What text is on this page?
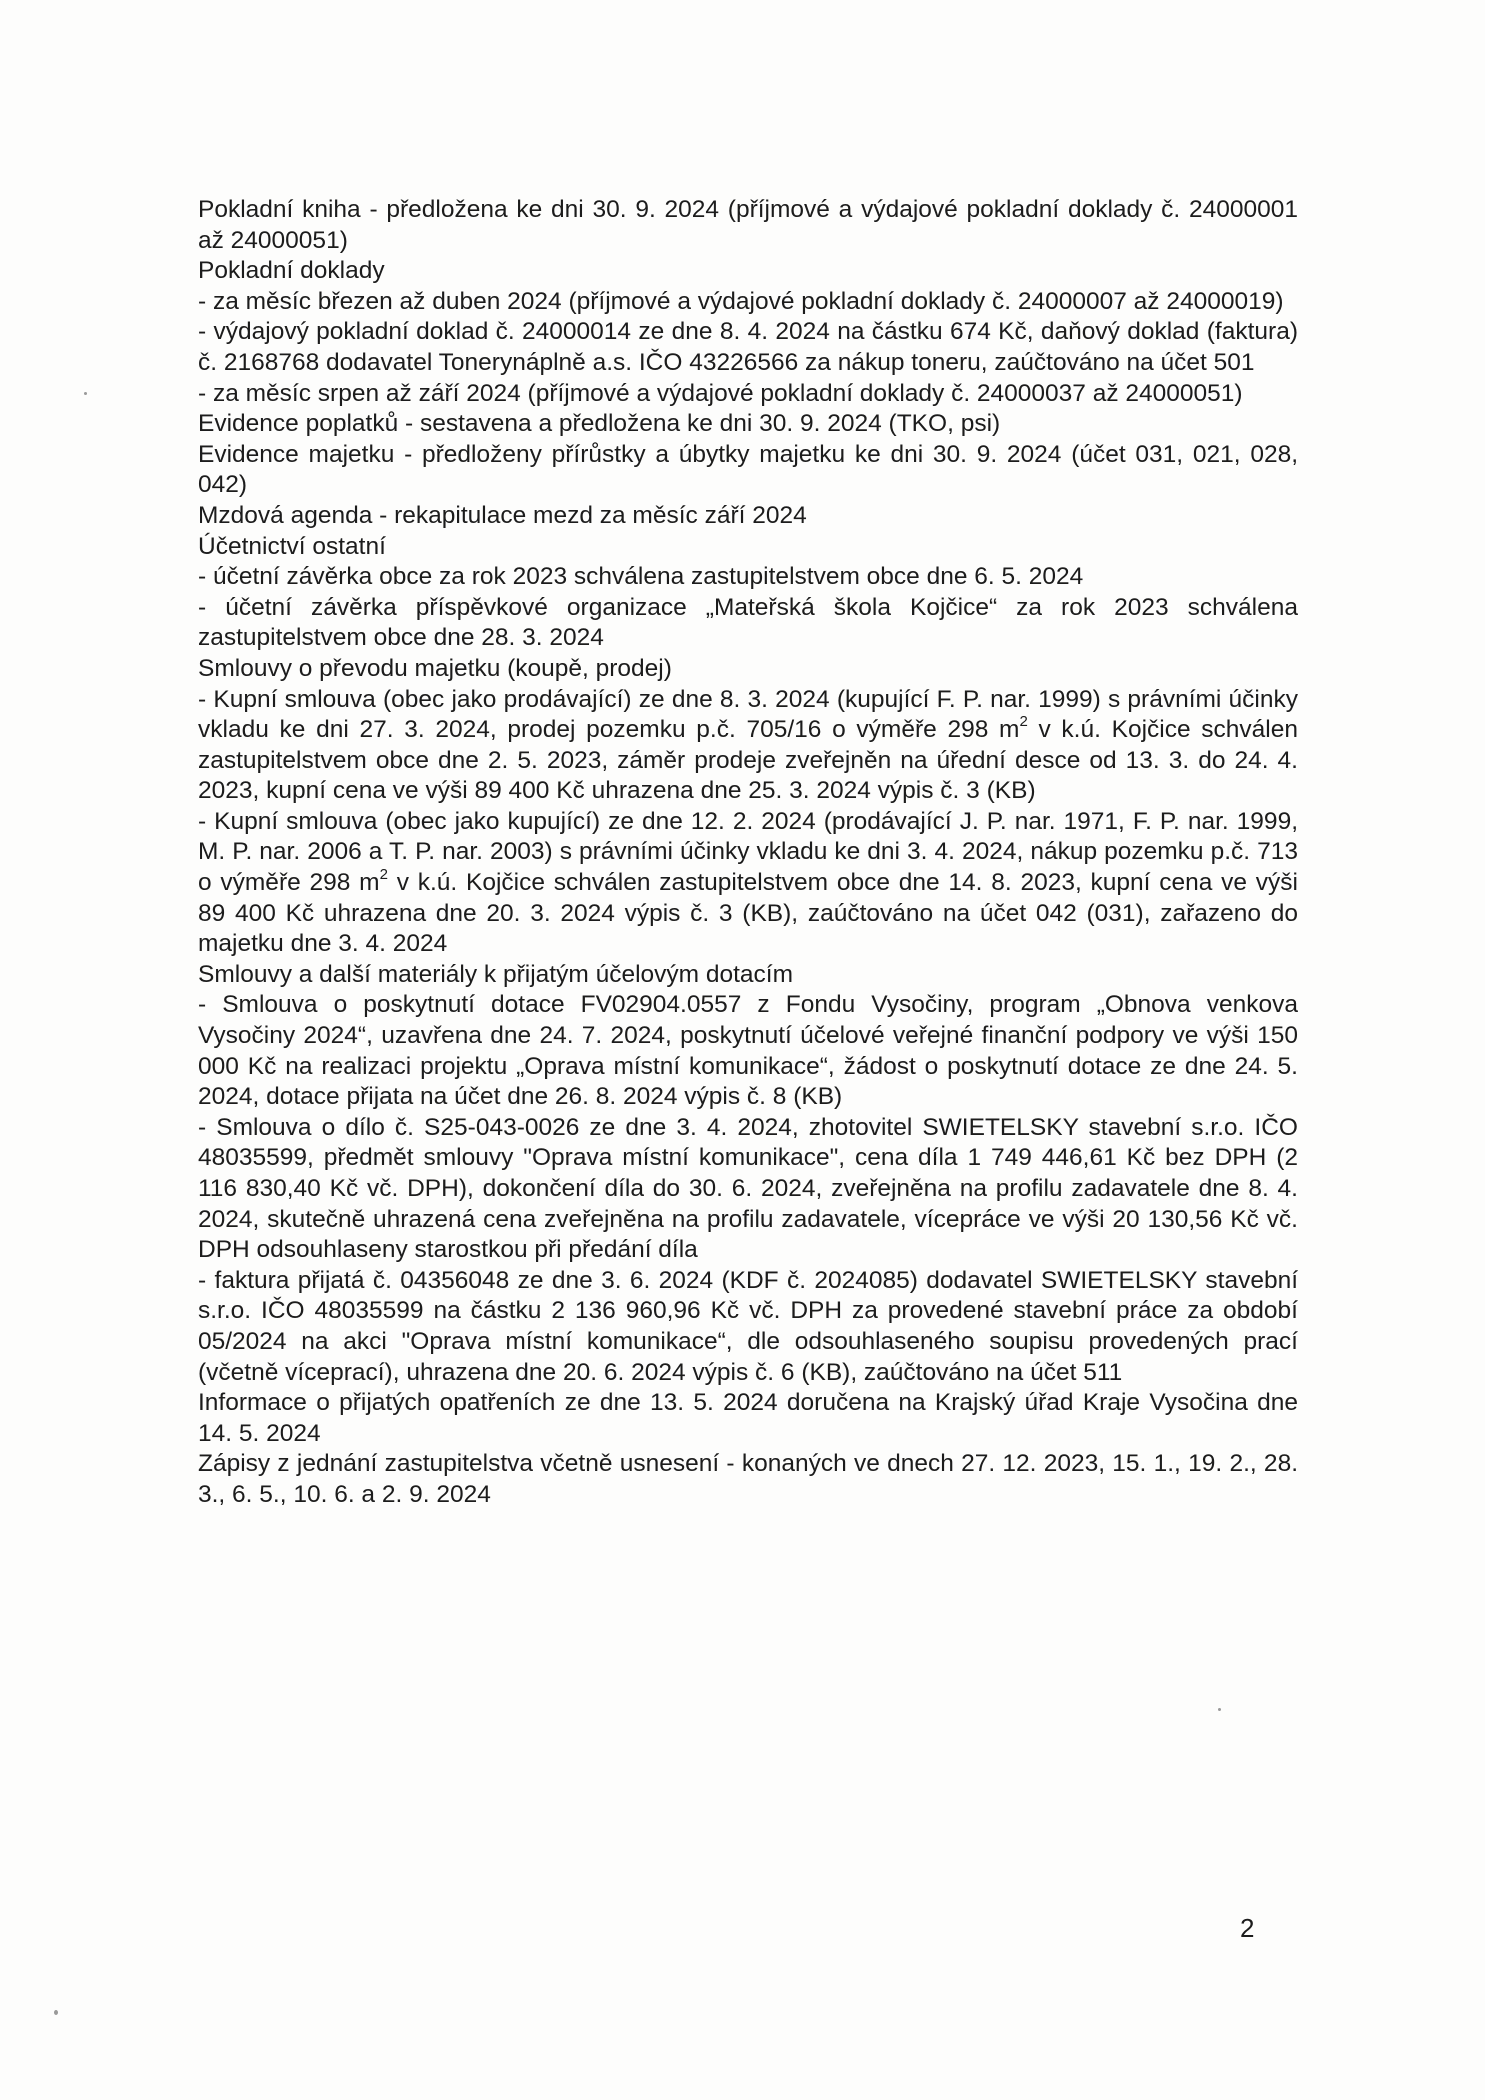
Pokladní kniha - předložena ke dni 30. 9. 2024 (příjmové a výdajové pokladní doklady č. 24000001 až 24000051)

Pokladní doklady

- za měsíc březen až duben 2024 (příjmové a výdajové pokladní doklady č. 24000007 až 24000019)

- výdajový pokladní doklad č. 24000014 ze dne 8. 4. 2024 na částku 674 Kč, daňový doklad (faktura) č. 2168768 dodavatel Tonerynáplně a.s. IČO 43226566 za nákup toneru, zaúčtováno na účet 501

- za měsíc srpen až září 2024 (příjmové a výdajové pokladní doklady č. 24000037 až 24000051)

Evidence poplatků - sestavena a předložena ke dni 30. 9. 2024 (TKO, psi)

Evidence majetku - předloženy přírůstky a úbytky majetku ke dni 30. 9. 2024 (účet 031, 021, 028, 042)

Mzdová agenda - rekapitulace mezd za měsíc září 2024

Účetnictví ostatní

- účetní závěrka obce za rok 2023 schválena zastupitelstvem obce dne 6. 5. 2024

- účetní závěrka příspěvkové organizace „Mateřská škola Kojčice“ za rok 2023 schválena zastupitelstvem obce dne 28. 3. 2024

Smlouvy o převodu majetku (koupě, prodej)

- Kupní smlouva (obec jako prodávající) ze dne 8. 3. 2024 (kupující F. P. nar. 1999) s právními účinky vkladu ke dni 27. 3. 2024, prodej pozemku p.č. 705/16 o výměře 298 $m^2$ v k.ú. Kojčice schválen zastupitelstvem obce dne 2. 5. 2023, záměr prodeje zveřejněn na úřední desce od 13. 3. do 24. 4. 2023, kupní cena ve výši 89 400 Kč uhrazena dne 25. 3. 2024 výpis č. 3 (KB)

- Kupní smlouva (obec jako kupující) ze dne 12. 2. 2024 (prodávající J. P. nar. 1971, F. P. nar. 1999, M. P. nar. 2006 a T. P. nar. 2003) s právními účinky vkladu ke dni 3. 4. 2024, nákup pozemku p.č. 713 o výměře 298 $m^2$ v k.ú. Kojčice schválen zastupitelstvem obce dne 14. 8. 2023, kupní cena ve výši 89 400 Kč uhrazena dne 20. 3. 2024 výpis č. 3 (KB), zaúčtováno na účet 042 (031), zařazeno do majetku dne 3. 4. 2024

Smlouvy a další materiály k přijatým účelovým dotacím

- Smlouva o poskytnutí dotace FV02904.0557 z Fondu Vysočiny, program „Obnova venkova Vysočiny 2024“, uzavřena dne 24. 7. 2024, poskytnutí účelové veřejné finanční podpory ve výši 150 000 Kč na realizaci projektu „Oprava místní komunikace“, žádost o poskytnutí dotace ze dne 24. 5. 2024, dotace přijata na účet dne 26. 8. 2024 výpis č. 8 (KB)

- Smlouva o dílo č. S25-043-0026 ze dne 3. 4. 2024, zhotovitel SWIETELSKY stavební s.r.o. IČO 48035599, předmět smlouvy "Oprava místní komunikace", cena díla 1 749 446,61 Kč bez DPH (2 116 830,40 Kč vč. DPH), dokončení díla do 30. 6. 2024, zveřejněna na profilu zadavatele dne 8. 4. 2024, skutečně uhrazená cena zveřejněna na profilu zadavatele, vícepráce ve výši 20 130,56 Kč vč. DPH odsouhlaseny starostkou při předání díla

- faktura přijatá č. 04356048 ze dne 3. 6. 2024 (KDF č. 2024085) dodavatel SWIETELSKY stavební s.r.o. IČO 48035599 na částku 2 136 960,96 Kč vč. DPH za provedené stavební práce za období 05/2024 na akci "Oprava místní komunikace“, dle odsouhlaseného soupisu provedených prací (včetně víceprací), uhrazena dne 20. 6. 2024 výpis č. 6 (KB), zaúčtováno na účet 511

Informace o přijatých opatřeních ze dne 13. 5. 2024 doručena na Krajský úřad Kraje Vysočina dne 14. 5. 2024

Zápisy z jednání zastupitelstva včetně usnesení - konaných ve dnech 27. 12. 2023, 15. 1., 19. 2., 28. 3., 6. 5., 10. 6. a 2. 9. 2024

2
